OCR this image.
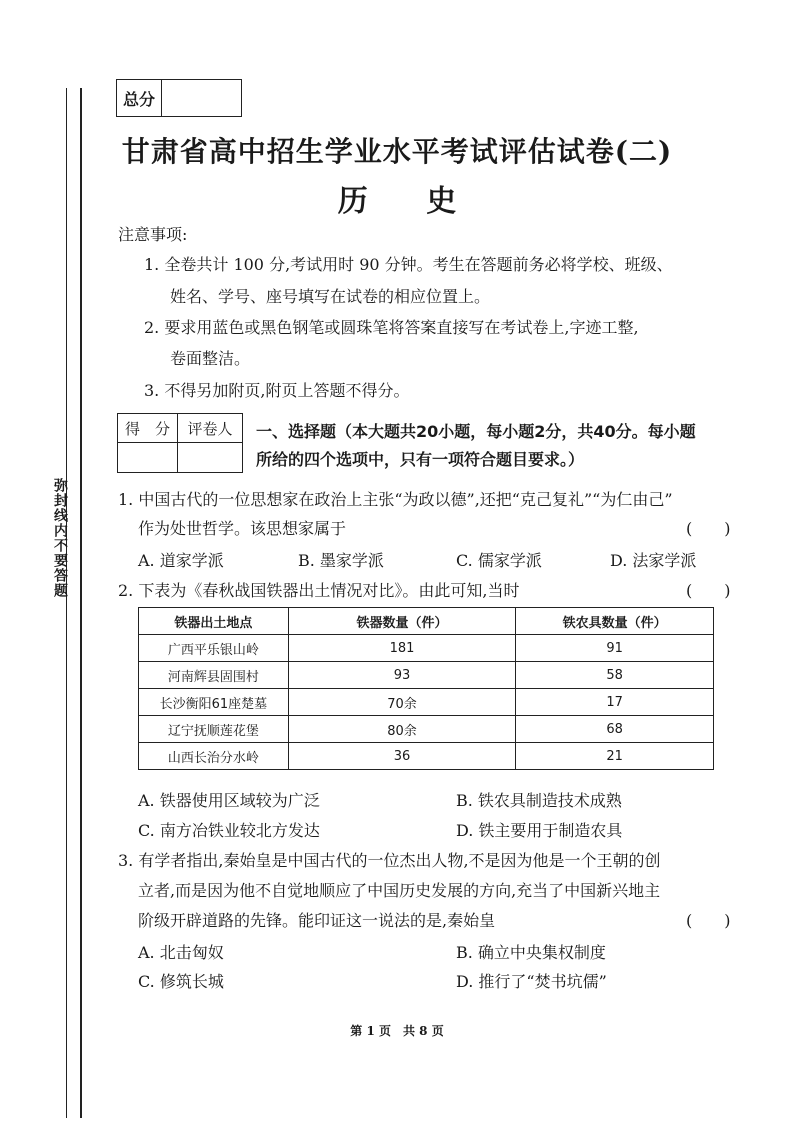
弥封线内不要答题
总分
甘肃省高中招生学业水平考试评估试卷(二)
历 史
注意事项:
1. 全卷共计 100 分,考试用时 90 分钟。考生在答题前务必将学校、班级、
姓名、学号、座号填写在试卷的相应位置上。
2. 要求用蓝色或黑色钢笔或圆珠笔将答案直接写在考试卷上,字迹工整,
卷面整洁。
3. 不得另加附页,附页上答题不得分。
得　分	评卷人	一、选择题（本大题共20小题，每小题2分，共40分。每小题
所给的四个选项中，只有一项符合题目要求。）
1. 中国古代的一位思想家在政治上主张“为政以德”,还把“克己复礼”“为仁由己”
作为处世哲学。该思想家属于	(　　)
A. 道家学派	B. 墨家学派	C. 儒家学派	D. 法家学派
2. 下表为《春秋战国铁器出土情况对比》。由此可知,当时	(　　)
铁器出土地点	铁器数量（件）	铁农具数量（件）
广西平乐银山岭	181	91
河南辉县固围村	93	58
长沙衡阳61座楚墓	70余	17
辽宁抚顺莲花堡	80余	68
山西长治分水岭	36	21
A. 铁器使用区域较为广泛	B. 铁农具制造技术成熟
C. 南方冶铁业较北方发达	D. 铁主要用于制造农具
3. 有学者指出,秦始皇是中国古代的一位杰出人物,不是因为他是一个王朝的创
立者,而是因为他不自觉地顺应了中国历史发展的方向,充当了中国新兴地主
阶级开辟道路的先锋。能印证这一说法的是,秦始皇	(　　)
A. 北击匈奴	B. 确立中央集权制度
C. 修筑长城	D. 推行了“焚书坑儒”
第 1 页　共 8 页
